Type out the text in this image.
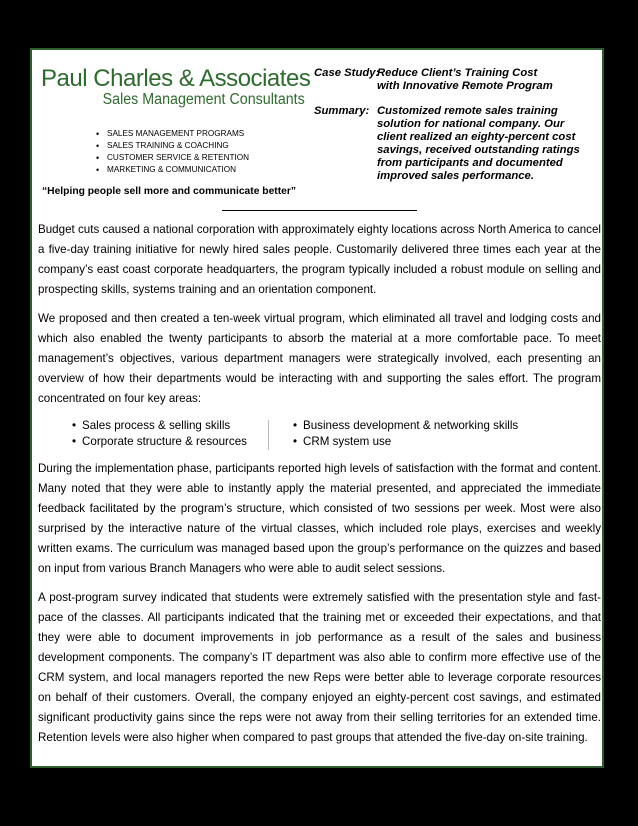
Paul Charles & Associates
Sales Management Consultants
• SALES MANAGEMENT PROGRAMS
• SALES TRAINING & COACHING
• CUSTOMER SERVICE & RETENTION
• MARKETING & COMMUNICATION
“Helping people sell more and communicate better”
Case Study:
Reduce Client’s Training Cost
with Innovative Remote Program
Summary: Customized remote sales training
solution for national company. Our
client realized an eighty-percent cost
savings, received outstanding ratings
from participants and documented
improved sales performance.

Budget cuts caused a national corporation with approximately eighty locations across North America to cancel a five-day training initiative for newly hired sales people. Customarily delivered three times each year at the company’s east coast corporate headquarters, the program typically included a robust module on selling and prospecting skills, systems training and an orientation component.

We proposed and then created a ten-week virtual program, which eliminated all travel and lodging costs and which also enabled the twenty participants to absorb the material at a more comfortable pace. To meet management’s objectives, various department managers were strategically involved, each presenting an overview of how their departments would be interacting with and supporting the sales effort. The program concentrated on four key areas:

• Sales process & selling skills
• Corporate structure & resources
• Business development & networking skills
• CRM system use

During the implementation phase, participants reported high levels of satisfaction with the format and content. Many noted that they were able to instantly apply the material presented, and appreciated the immediate feedback facilitated by the program’s structure, which consisted of two sessions per week. Most were also surprised by the interactive nature of the virtual classes, which included role plays, exercises and weekly written exams. The curriculum was managed based upon the group’s performance on the quizzes and based on input from various Branch Managers who were able to audit select sessions.

A post-program survey indicated that students were extremely satisfied with the presentation style and fast-pace of the classes. All participants indicated that the training met or exceeded their expectations, and that they were able to document improvements in job performance as a result of the sales and business development components. The company’s IT department was also able to confirm more effective use of the CRM system, and local managers reported the new Reps were better able to leverage corporate resources on behalf of their customers. Overall, the company enjoyed an eighty-percent cost savings, and estimated significant productivity gains since the reps were not away from their selling territories for an extended time. Retention levels were also higher when compared to past groups that attended the five-day on-site training.
